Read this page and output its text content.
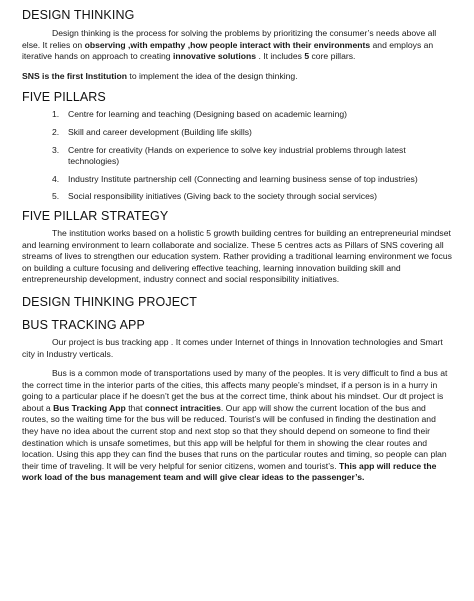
DESIGN THINKING

Design thinking is the process for solving the problems by prioritizing the consumer’s needs above all else. It relies on observing ,with empathy ,how people interact with their environments and employs an iterative hands on approach to creating innovative solutions . It includes 5 core pillars.

SNS is the first Institution to implement the idea of the design thinking.

FIVE PILLARS
1. Centre for learning and teaching (Designing based on academic learning)
2. Skill and career development (Building life skills)
3. Centre for creativity (Hands on experience to solve key industrial problems through latest technologies)
4. Industry Institute partnership cell (Connecting and learning business sense of top industries)
5. Social responsibility initiatives (Giving back to the society through social services)
FIVE PILLAR STRATEGY

The institution works based on a holistic 5 growth building centres for building an entrepreneurial mindset and learning environment to learn collaborate and socialize. These 5 centres acts as Pillars of SNS covering all streams of lives to strengthen our education system. Rather providing a traditional learning environment we focus on building a culture focusing and delivering effective teaching, learning innovation building skill and entrepreneurship development, industry connect and social responsibility initiatives.

DESIGN THINKING PROJECT
BUS TRACKING APP

Our project is bus tracking app . It comes under Internet of things in Innovation technologies and Smart city in Industry verticals.

Bus is a common mode of transportations used by many of the peoples. It is very difficult to find a bus at the correct time in the interior parts of the cities, this affects many people’s mindset, if a person is in a hurry in going to a particular place if he doesn’t get the bus at the correct time, think about his mindset. Our dt project is about a Bus Tracking App that connect intracities. Our app will show the current location of the bus and routes, so the waiting time for the bus will be reduced. Tourist’s will be confused in finding the destination and they have no idea about the current stop and next stop so that they should depend on someone to find their destination which is unsafe sometimes, but this app will be helpful for them in showing the clear routes and location. Using this app they can find the buses that runs on the particular routes and timing, so people can plan their time of traveling. It will be very helpful for senior citizens, women and tourist’s. This app will reduce the work load of the bus management team and will give clear ideas to the passenger’s.
